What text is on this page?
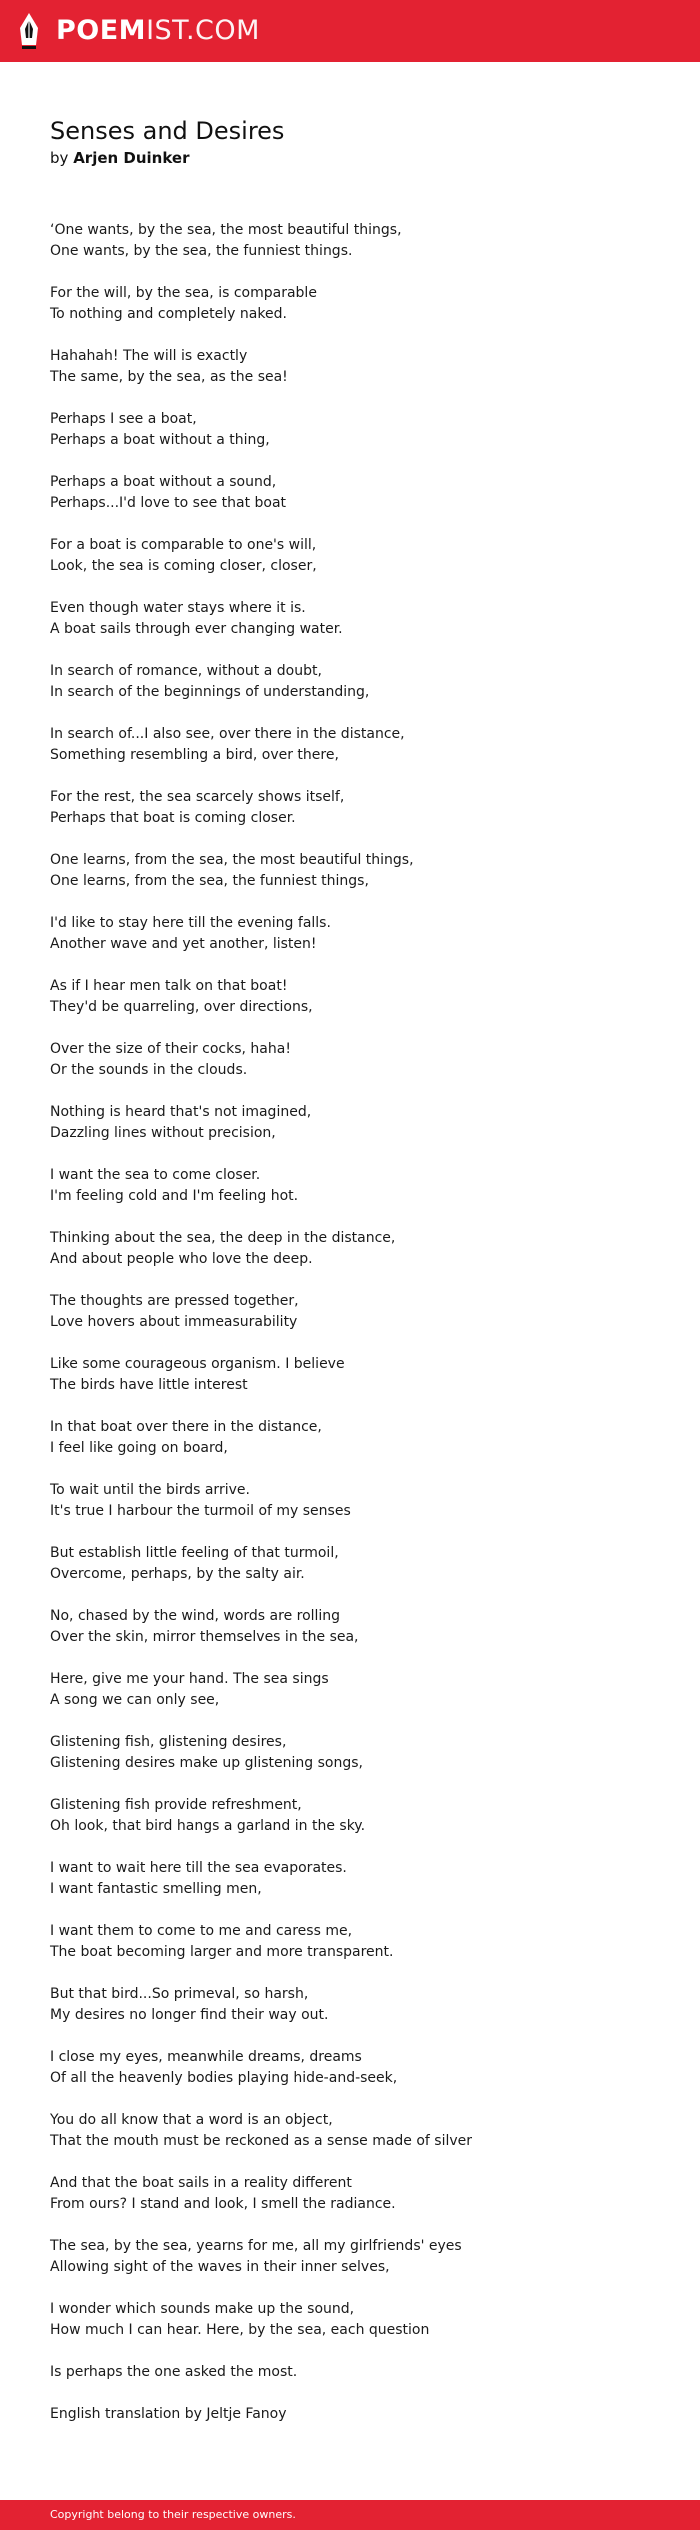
POEMIST.COM
Senses and Desires
by Arjen Duinker

‘One wants, by the sea, the most beautiful things,
One wants, by the sea, the funniest things.

For the will, by the sea, is comparable
To nothing and completely naked.

Hahahah! The will is exactly
The same, by the sea, as the sea!

Perhaps I see a boat,
Perhaps a boat without a thing,

Perhaps a boat without a sound,
Perhaps...I'd love to see that boat

For a boat is comparable to one's will,
Look, the sea is coming closer, closer,

Even though water stays where it is.
A boat sails through ever changing water.

In search of romance, without a doubt,
In search of the beginnings of understanding,

In search of...I also see, over there in the distance,
Something resembling a bird, over there,

For the rest, the sea scarcely shows itself,
Perhaps that boat is coming closer.

One learns, from the sea, the most beautiful things,
One learns, from the sea, the funniest things,

I'd like to stay here till the evening falls.
Another wave and yet another, listen!

As if I hear men talk on that boat!
They'd be quarreling, over directions,

Over the size of their cocks, haha!
Or the sounds in the clouds.

Nothing is heard that's not imagined,
Dazzling lines without precision,

I want the sea to come closer.
I'm feeling cold and I'm feeling hot.

Thinking about the sea, the deep in the distance,
And about people who love the deep.

The thoughts are pressed together,
Love hovers about immeasurability

Like some courageous organism. I believe
The birds have little interest

In that boat over there in the distance,
I feel like going on board,

To wait until the birds arrive.
It's true I harbour the turmoil of my senses

But establish little feeling of that turmoil,
Overcome, perhaps, by the salty air.

No, chased by the wind, words are rolling
Over the skin, mirror themselves in the sea,

Here, give me your hand. The sea sings
A song we can only see,

Glistening fish, glistening desires,
Glistening desires make up glistening songs,

Glistening fish provide refreshment,
Oh look, that bird hangs a garland in the sky.

I want to wait here till the sea evaporates.
I want fantastic smelling men,

I want them to come to me and caress me,
The boat becoming larger and more transparent.

But that bird...So primeval, so harsh,
My desires no longer find their way out.

I close my eyes, meanwhile dreams, dreams
Of all the heavenly bodies playing hide-and-seek,

You do all know that a word is an object,
That the mouth must be reckoned as a sense made of silver

And that the boat sails in a reality different
From ours? I stand and look, I smell the radiance.

The sea, by the sea, yearns for me, all my girlfriends' eyes
Allowing sight of the waves in their inner selves,

I wonder which sounds make up the sound,
How much I can hear. Here, by the sea, each question

Is perhaps the one asked the most.

English translation by Jeltje Fanoy

Copyright belong to their respective owners.
